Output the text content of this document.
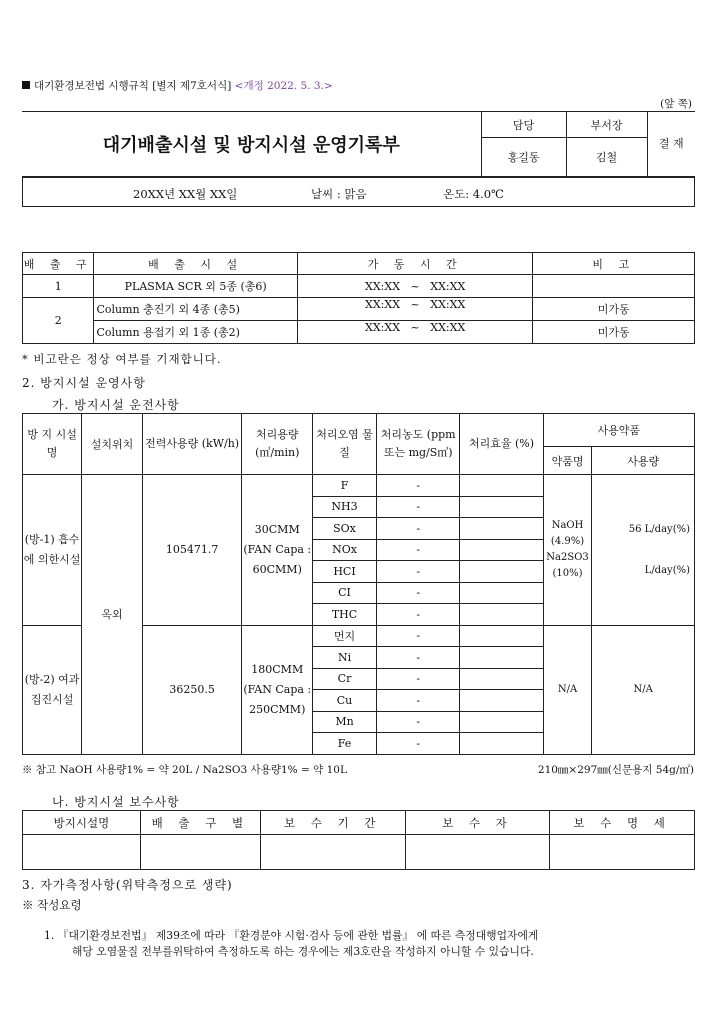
대기환경보전법 시행규칙 [별지 제7호서식] <개정 2022. 5. 3.>
(앞 쪽)
대기배출시설 및 방지시설 운영기록부	담당	부서장	결 재
	홍길동	김철	
20XX년 XX월 XX일	날씨 : 맑음	온도: 4.0℃
배 출 구	배 출 시 설	가 동 시 간	비 고
1	PLASMA SCR 외 5종 (총6)	XX:XX ~ XX:XX	
2	Column 충진기 외 4종 (총5)	XX:XX ~ XX:XX	미가동
	Column 용접기 외 1종 (총2)	XX:XX ~ XX:XX	미가동
* 비고란은 정상 여부를 기재합니다.
2. 방지시설 운영사항
가. 방지시설 운전사항
방 지 시설명	설치위치	전력사용량 (kW/h)	처리용량 (㎥/min)	처리오염 물 질	처리농도 (ppm 또는 mg/S㎥)	처리효율 (%)	사용약품	
							약품명	사용량
(방-1) 흡수에 의한시설	옥외	105471.7	30CMM (FAN Capa : 60CMM)	F	-		NaOH (4.9%) Na2SO3 (10%)	56 L/day(%)
L/day(%)

				NH3	-			
				SOx	-			
				NOx	-			
				HCI	-			
				CI	-			
				THC	-			
(방-2) 여과 집진시설		36250.5	180CMM (FAN Capa : 250CMM)	먼지	-		N/A	N/A
				Ni	-			
				Cr	-			
				Cu	-			
				Mn	-			
				Fe	-			
※ 참고 NaOH 사용량1% = 약 20L / Na2SO3 사용량1% = 약 10L	210㎜×297㎜(신문용지 54g/㎡)
나. 방지시설 보수사항
방지시설명	배 출 구 별	보 수 기 간	보 수 자	보 수 명 세

3. 자가측정사항(위탁측정으로 생략)
※ 작성요령
1. 『대기환경보전법』 제39조에 따라 『환경분야 시험·검사 등에 관한 법률』 에 따른 측정대행업자에게
해당 오염물질 전부를위탁하여 측정하도록 하는 경우에는 제3호란을 작성하지 아니할 수 있습니다.
